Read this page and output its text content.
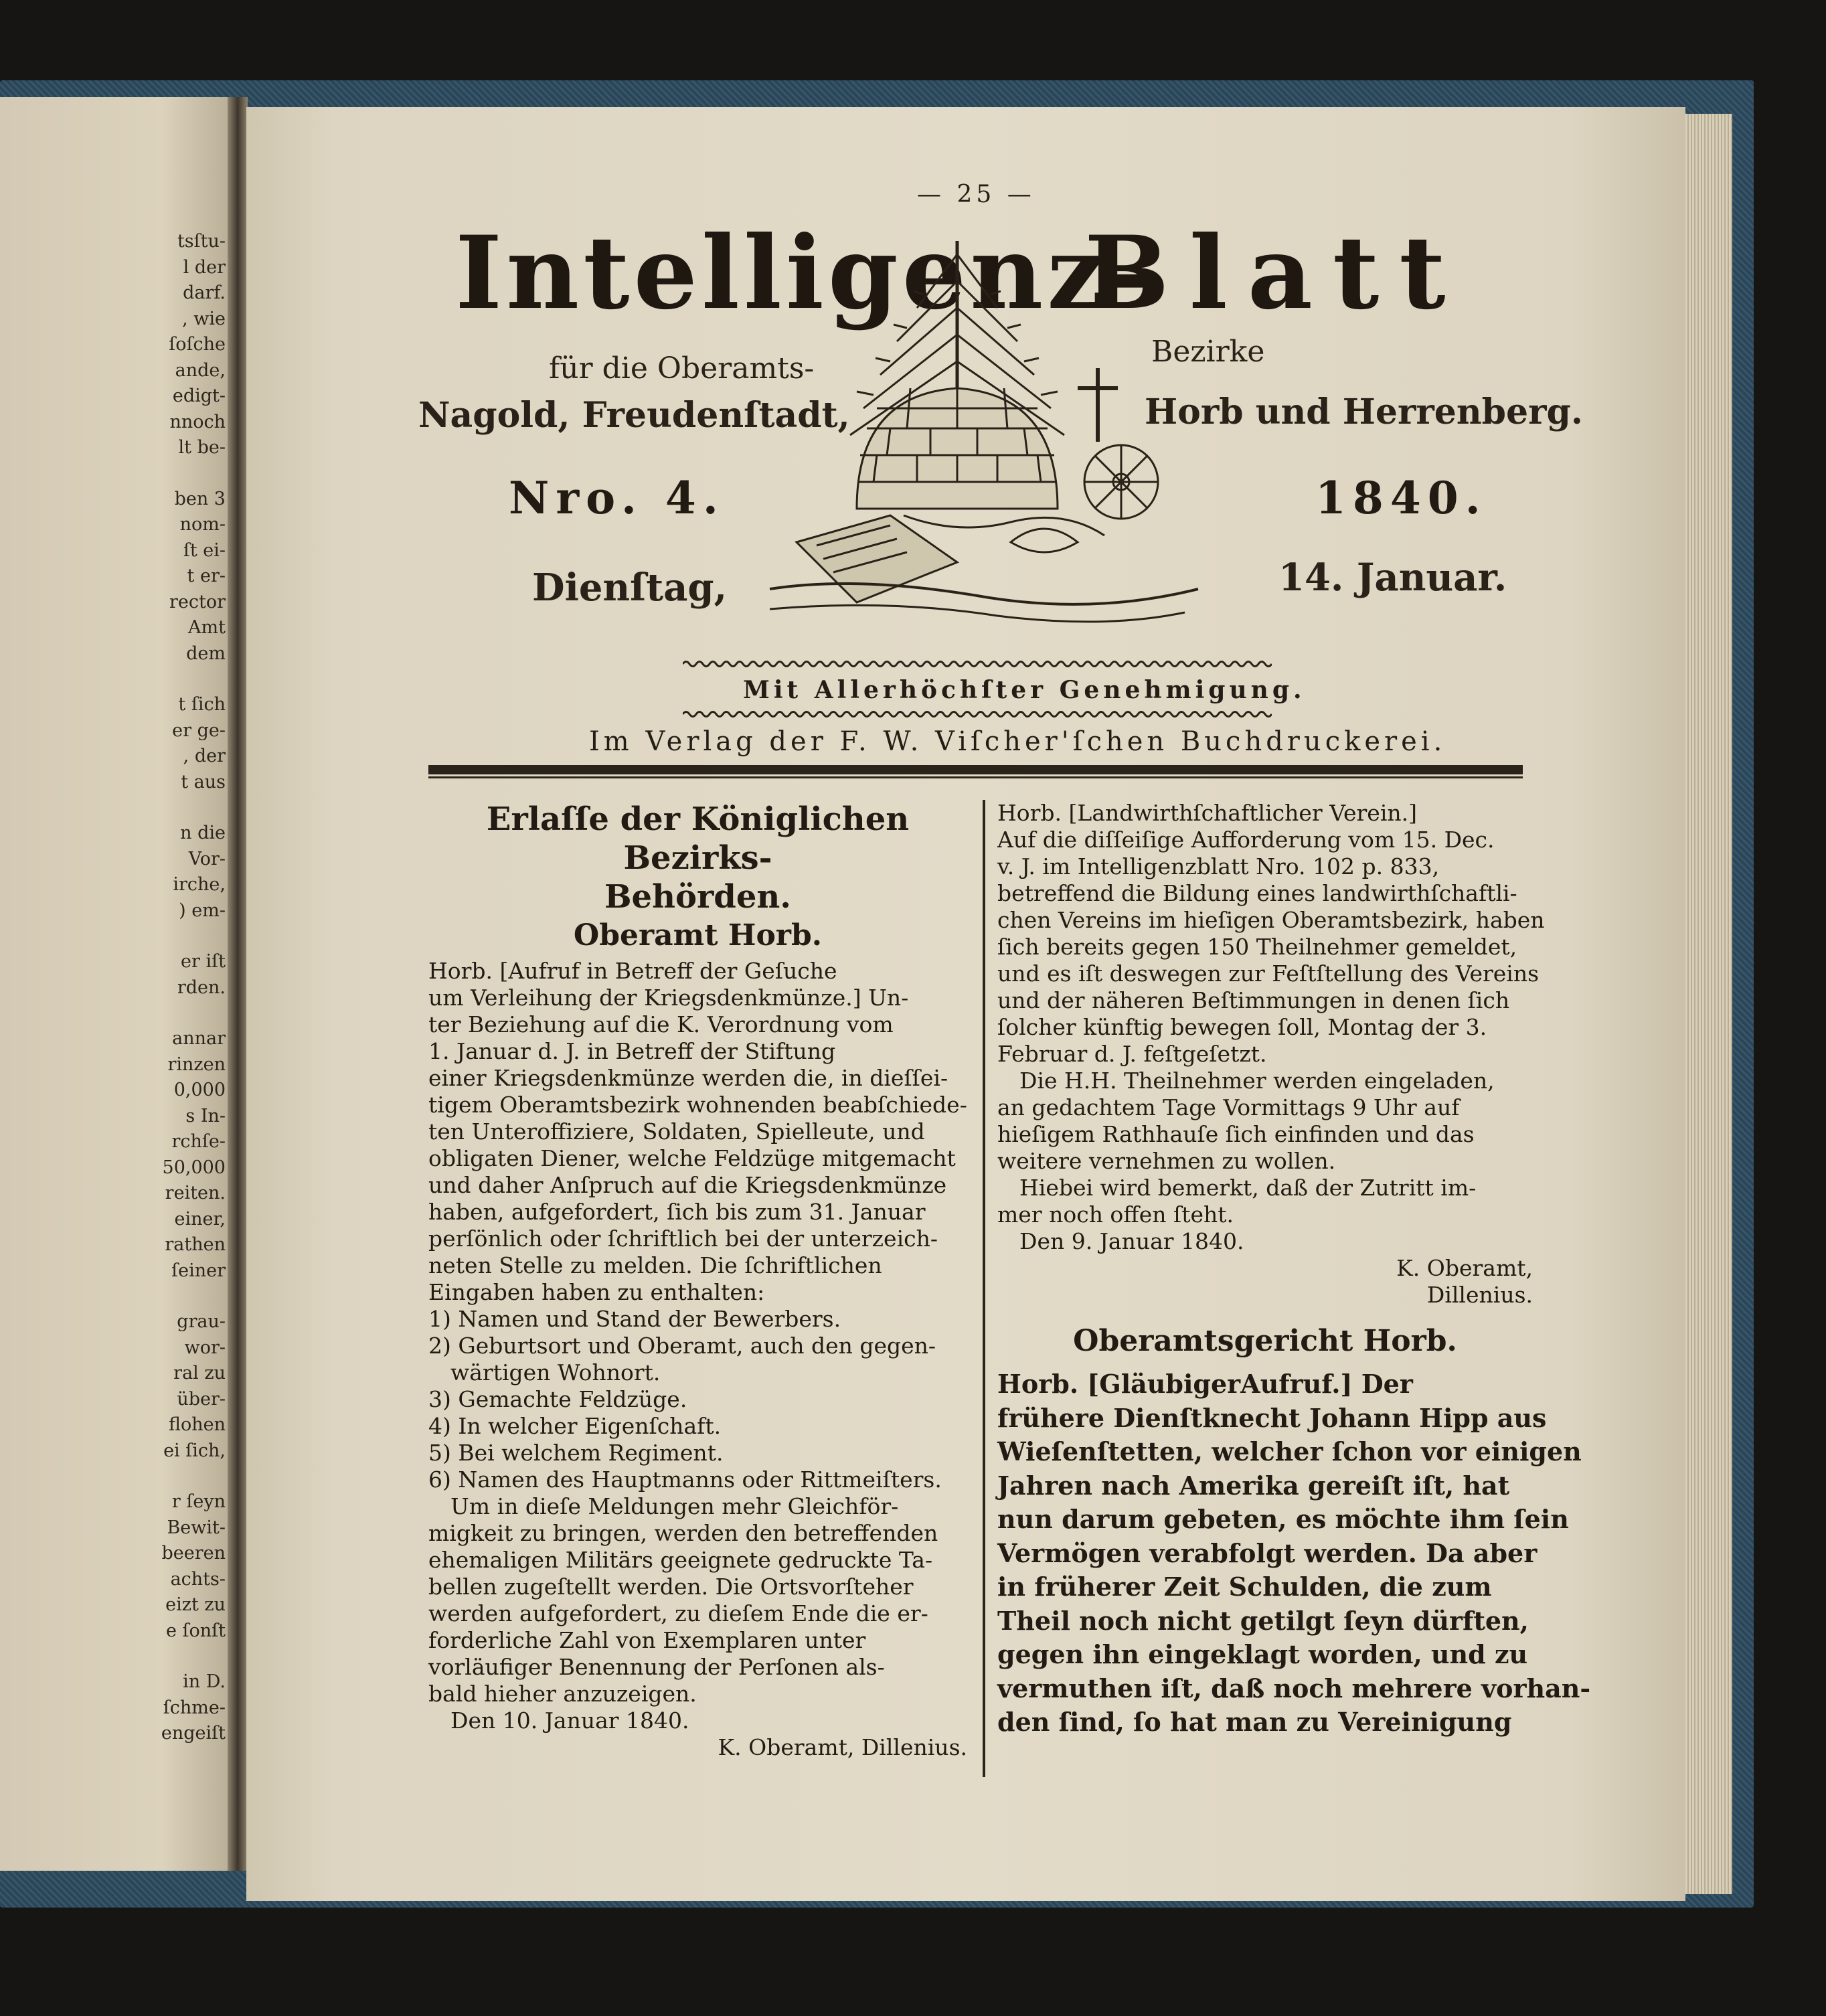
tsſtu-
l der
darf.
, wie
ſoſche
ande,
edigt-
nnoch
lt be-
ben 3
nom-
ſt ei-
t er-
rector
Amt
dem
t ſich
er ge-
, der
t aus
n die
Vor-
irche,
) em-
er iſt
rden.
annar
rinzen
0,000
s In-
rchſe-
50,000
reiten.
einer,
rathen
ſeiner
grau-
wor-
ral zu
über-
flohen
ei ſich,
r ſeyn
Bewit-
beeren
achts-
eizt zu
e ſonſt
in D.
ſchme-
engeiſt
— 25 —
Intelligenz-
Blatt
für die Oberamts-
Nagold, Freudenſtadt,
Bezirke
Horb und Herrenberg.
Nro. 4.	1840.
Dienſtag,	14. Januar.
Mit Allerhöchſter Genehmigung.
Im Verlag der F. W. Viſcher'ſchen Buchdruckerei.
Erlaſſe der Königlichen Bezirks-
Behörden.
Oberamt Horb.
Horb. [Aufruf in Betreff der Geſuche
um Verleihung der Kriegsdenkmünze.] Un-
ter Beziehung auf die K. Verordnung vom
1. Januar d. J. in Betreff der Stiftung
einer Kriegsdenkmünze werden die, in dieſſei-
tigem Oberamtsbezirk wohnenden beabſchiede-
ten Unteroffiziere, Soldaten, Spielleute, und
obligaten Diener, welche Feldzüge mitgemacht
und daher Anſpruch auf die Kriegsdenkmünze
haben, aufgefordert, ſich bis zum 31. Januar
perſönlich oder ſchriftlich bei der unterzeich-
neten Stelle zu melden. Die ſchriftlichen
Eingaben haben zu enthalten:
1) Namen und Stand der Bewerbers.
2) Geburtsort und Oberamt, auch den gegen-
 wärtigen Wohnort.
3) Gemachte Feldzüge.
4) In welcher Eigenſchaft.
5) Bei welchem Regiment.
6) Namen des Hauptmanns oder Rittmeiſters.
 Um in dieſe Meldungen mehr Gleichför-
migkeit zu bringen, werden den betreffenden
ehemaligen Militärs geeignete gedruckte Ta-
bellen zugeſtellt werden. Die Ortsvorſteher
werden aufgefordert, zu dieſem Ende die er-
forderliche Zahl von Exemplaren unter
vorläufiger Benennung der Perſonen als-
bald hieher anzuzeigen.
 Den 10. Januar 1840.
K. Oberamt, Dillenius.
Horb. [Landwirthſchaftlicher Verein.]
Auf die diſſeiſige Aufforderung vom 15. Dec.
v. J. im Intelligenzblatt Nro. 102 p. 833,
betreffend die Bildung eines landwirthſchaftli-
chen Vereins im hieſigen Oberamtsbezirk, haben
ſich bereits gegen 150 Theilnehmer gemeldet,
und es iſt deswegen zur Feſtſtellung des Vereins
und der näheren Beſtimmungen in denen ſich
ſolcher künftig bewegen ſoll, Montag der 3.
Februar d. J. feſtgeſetzt.
 Die H.H. Theilnehmer werden eingeladen,
an gedachtem Tage Vormittags 9 Uhr auf
hieſigem Rathhauſe ſich einfinden und das
weitere vernehmen zu wollen.
 Hiebei wird bemerkt, daß der Zutritt im-
mer noch offen ſteht.
 Den 9. Januar 1840.
K. Oberamt,
Dillenius.
Oberamtsgericht Horb.
Horb. [GläubigerAufruf.] Der
frühere Dienſtknecht Johann Hipp aus
Wieſenſtetten, welcher ſchon vor einigen
Jahren nach Amerika gereiſt iſt, hat
nun darum gebeten, es möchte ihm ſein
Vermögen verabfolgt werden. Da aber
in früherer Zeit Schulden, die zum
Theil noch nicht getilgt ſeyn dürften,
gegen ihn eingeklagt worden, und zu
vermuthen iſt, daß noch mehrere vorhan-
den ſind, ſo hat man zu Vereinigung
